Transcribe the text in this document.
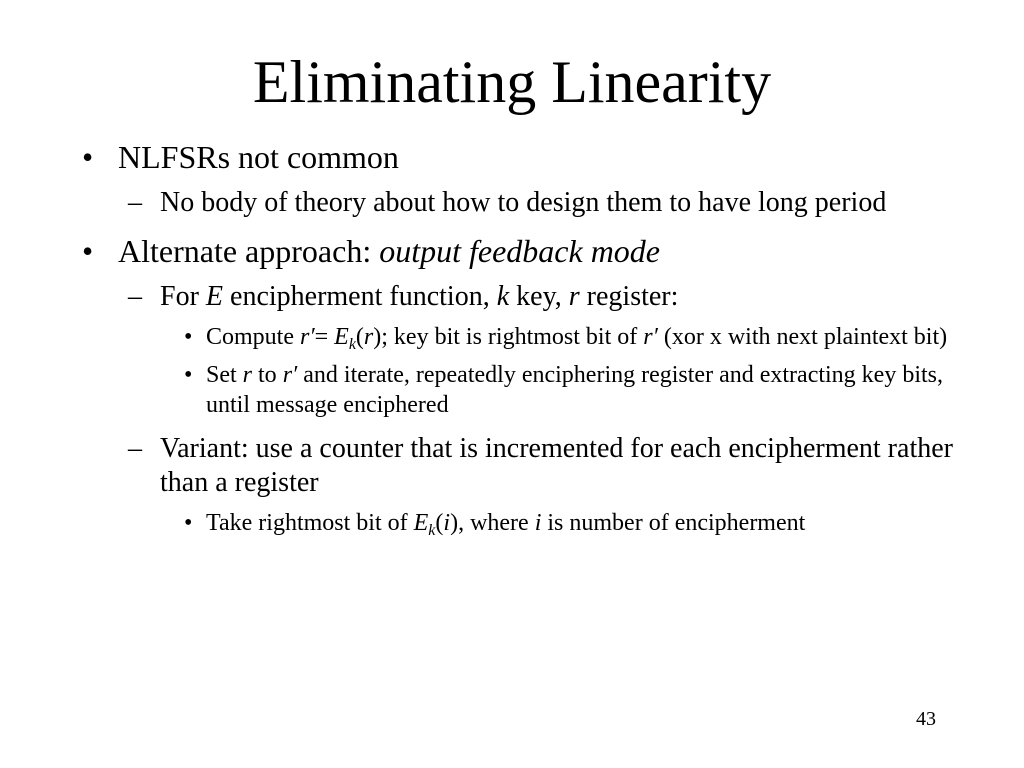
Eliminating Linearity
• NLFSRs not common
– No body of theory about how to design them to have long period
• Alternate approach: output feedback mode
– For E encipherment function, k key, r register:
• Compute $r'= E_k(r)$; key bit is rightmost bit of r′ (xor x with next plaintext bit)
• Set r to r′ and iterate, repeatedly enciphering register and extracting key bits, until message enciphered
– Variant: use a counter that is incremented for each encipherment rather than a register
• Take rightmost bit of $E_k(i)$, where i is number of encipherment
43
